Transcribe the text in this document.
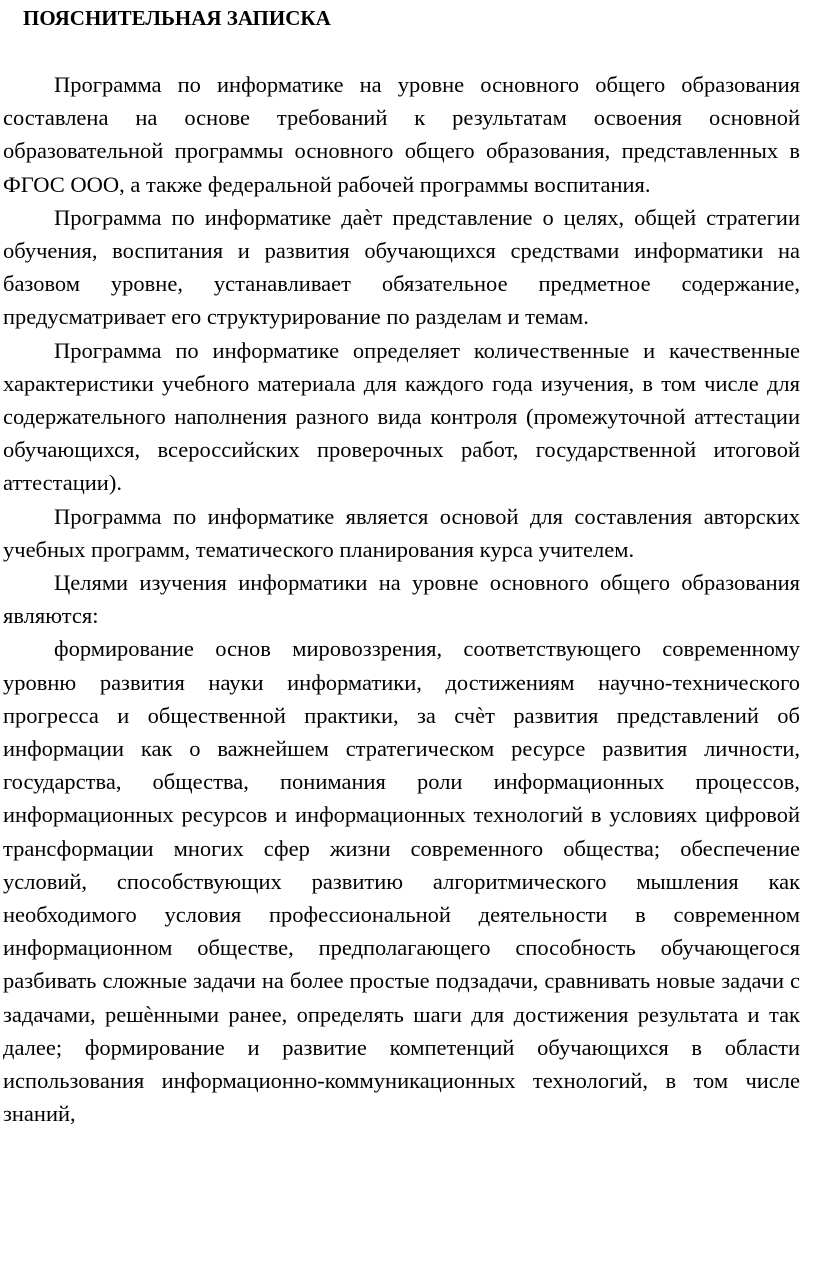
ПОЯСНИТЕЛЬНАЯ ЗАПИСКА

Программа по информатике на уровне основного общего образования составлена на основе требований к результатам освоения основной образовательной программы основного общего образования, представленных в ФГОС ООО, а также федеральной рабочей программы воспитания.

Программа по информатике даѐт представление о целях, общей стратегии обучения, воспитания и развития обучающихся средствами информатики на базовом уровне, устанавливает обязательное предметное содержание, предусматривает его структурирование по разделам и темам.

Программа по информатике определяет количественные и качественные характеристики учебного материала для каждого года изучения, в том числе для содержательного наполнения разного вида контроля (промежуточной аттестации обучающихся, всероссийских проверочных работ, государственной итоговой аттестации).

Программа по информатике является основой для составления авторских учебных программ, тематического планирования курса учителем.

Целями изучения информатики на уровне основного общего образования являются:

формирование основ мировоззрения, соответствующего современному уровню развития науки информатики, достижениям научно-технического прогресса и общественной практики, за счѐт развития представлений об информации как о важнейшем стратегическом ресурсе развития личности, государства, общества, понимания роли информационных процессов, информационных ресурсов и информационных технологий в условиях цифровой трансформации многих сфер жизни современного общества; обеспечение условий, способствующих развитию алгоритмического мышления как необходимого условия профессиональной деятельности в современном информационном обществе, предполагающего способность обучающегося разбивать сложные задачи на более простые подзадачи, сравнивать новые задачи с задачами, решѐнными ранее, определять шаги для достижения результата и так далее; формирование и развитие компетенций обучающихся в области использования информационно-коммуникационных технологий, в том числе знаний,
